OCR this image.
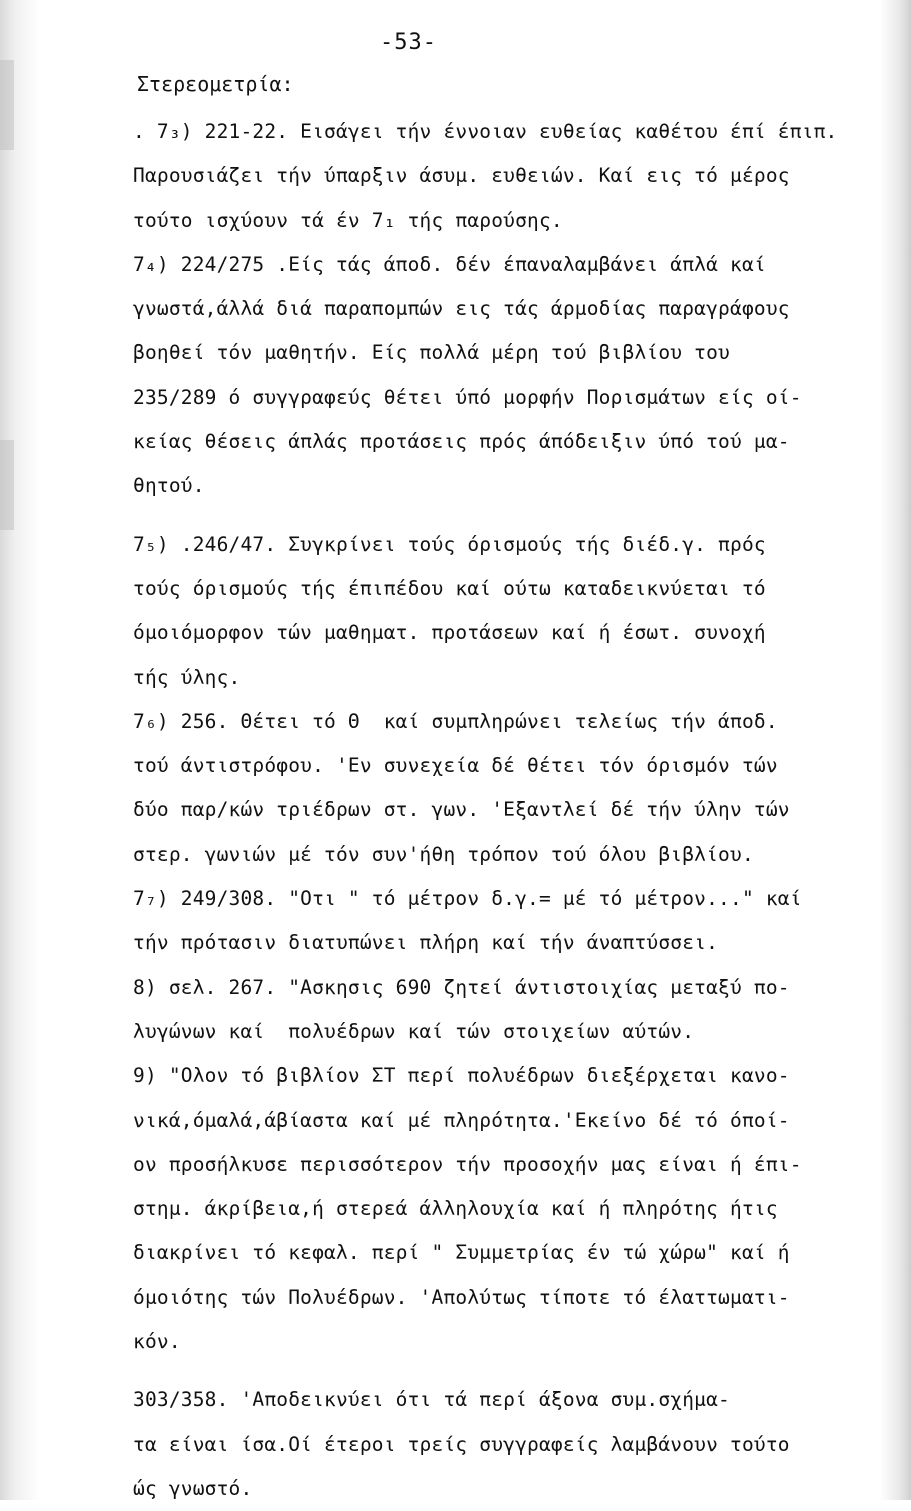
-53-
Στερεομετρία:
. 7₃) 221-22. Εισάγει τήν έννοιαν ευθείας καθέτου έπί έπιπ.
Παρουσιάζει τήν ύπαρξιν άσυμ. ευθειών. Καί εις τό μέρος
τούτο ισχύουν τά έν 7₁ τής παρούσης.
7₄) 224/275 .Είς τάς άποδ. δέν έπαναλαμβάνει άπλά καί
γνωστά,άλλά διά παραπομπών εις τάς άρμοδίας παραγράφους
βοηθεί τόν μαθητήν. Είς πολλά μέρη τού βιβλίου του
235/289 ό συγγραφεύς θέτει ύπό μορφήν Πορισμάτων είς οί-
κείας θέσεις άπλάς προτάσεις πρός άπόδειξιν ύπό τού μα-
θητού.
7₅) .246/47. Συγκρίνει τούς όρισμούς τής διέδ.γ. πρός
τούς όρισμούς τής έπιπέδου καί ούτω καταδεικνύεται τό
όμοιόμορφον τών μαθηματ. προτάσεων καί ή έσωτ. συνοχή
τής ύλης.
7₆) 256. Θέτει τό Θ  καί συμπληρώνει τελείως τήν άποδ.
τού άντιστρόφου. 'Εν συνεχεία δέ θέτει τόν όρισμόν τών
δύο παρ/κών τριέδρων στ. γων. 'Εξαντλεί δέ τήν ύλην τών
στερ. γωνιών μέ τόν συν'ήθη τρόπον τού όλου βιβλίου.
7₇) 249/308. "Οτι " τό μέτρον δ.γ.= μέ τό μέτρον..." καί
τήν πρότασιν διατυπώνει πλήρη καί τήν άναπτύσσει.
8) σελ. 267. "Ασκησις 690 ζητεί άντιστοιχίας μεταξύ πο-
λυγώνων καί  πολυέδρων καί τών στοιχείων αύτών.
9) "Ολον τό βιβλίον ΣΤ περί πολυέδρων διεξέρχεται κανο-
νικά,όμαλά,άβίαστα καί μέ πληρότητα.'Εκείνο δέ τό όποί-
ον προσήλκυσε περισσότερον τήν προσοχήν μας είναι ή έπι-
στημ. άκρίβεια,ή στερεά άλληλουχία καί ή πληρότης ήτις
διακρίνει τό κεφαλ. περί " Συμμετρίας έν τώ χώρω" καί ή
όμοιότης τών Πολυέδρων. 'Απολύτως τίποτε τό έλαττωματι-
κόν.
303/358. 'Αποδεικνύει ότι τά περί άξονα συμ.σχήμα-
τα είναι ίσα.Οί έτεροι τρείς συγγραφείς λαμβάνουν τούτο
ώς γνωστό.
